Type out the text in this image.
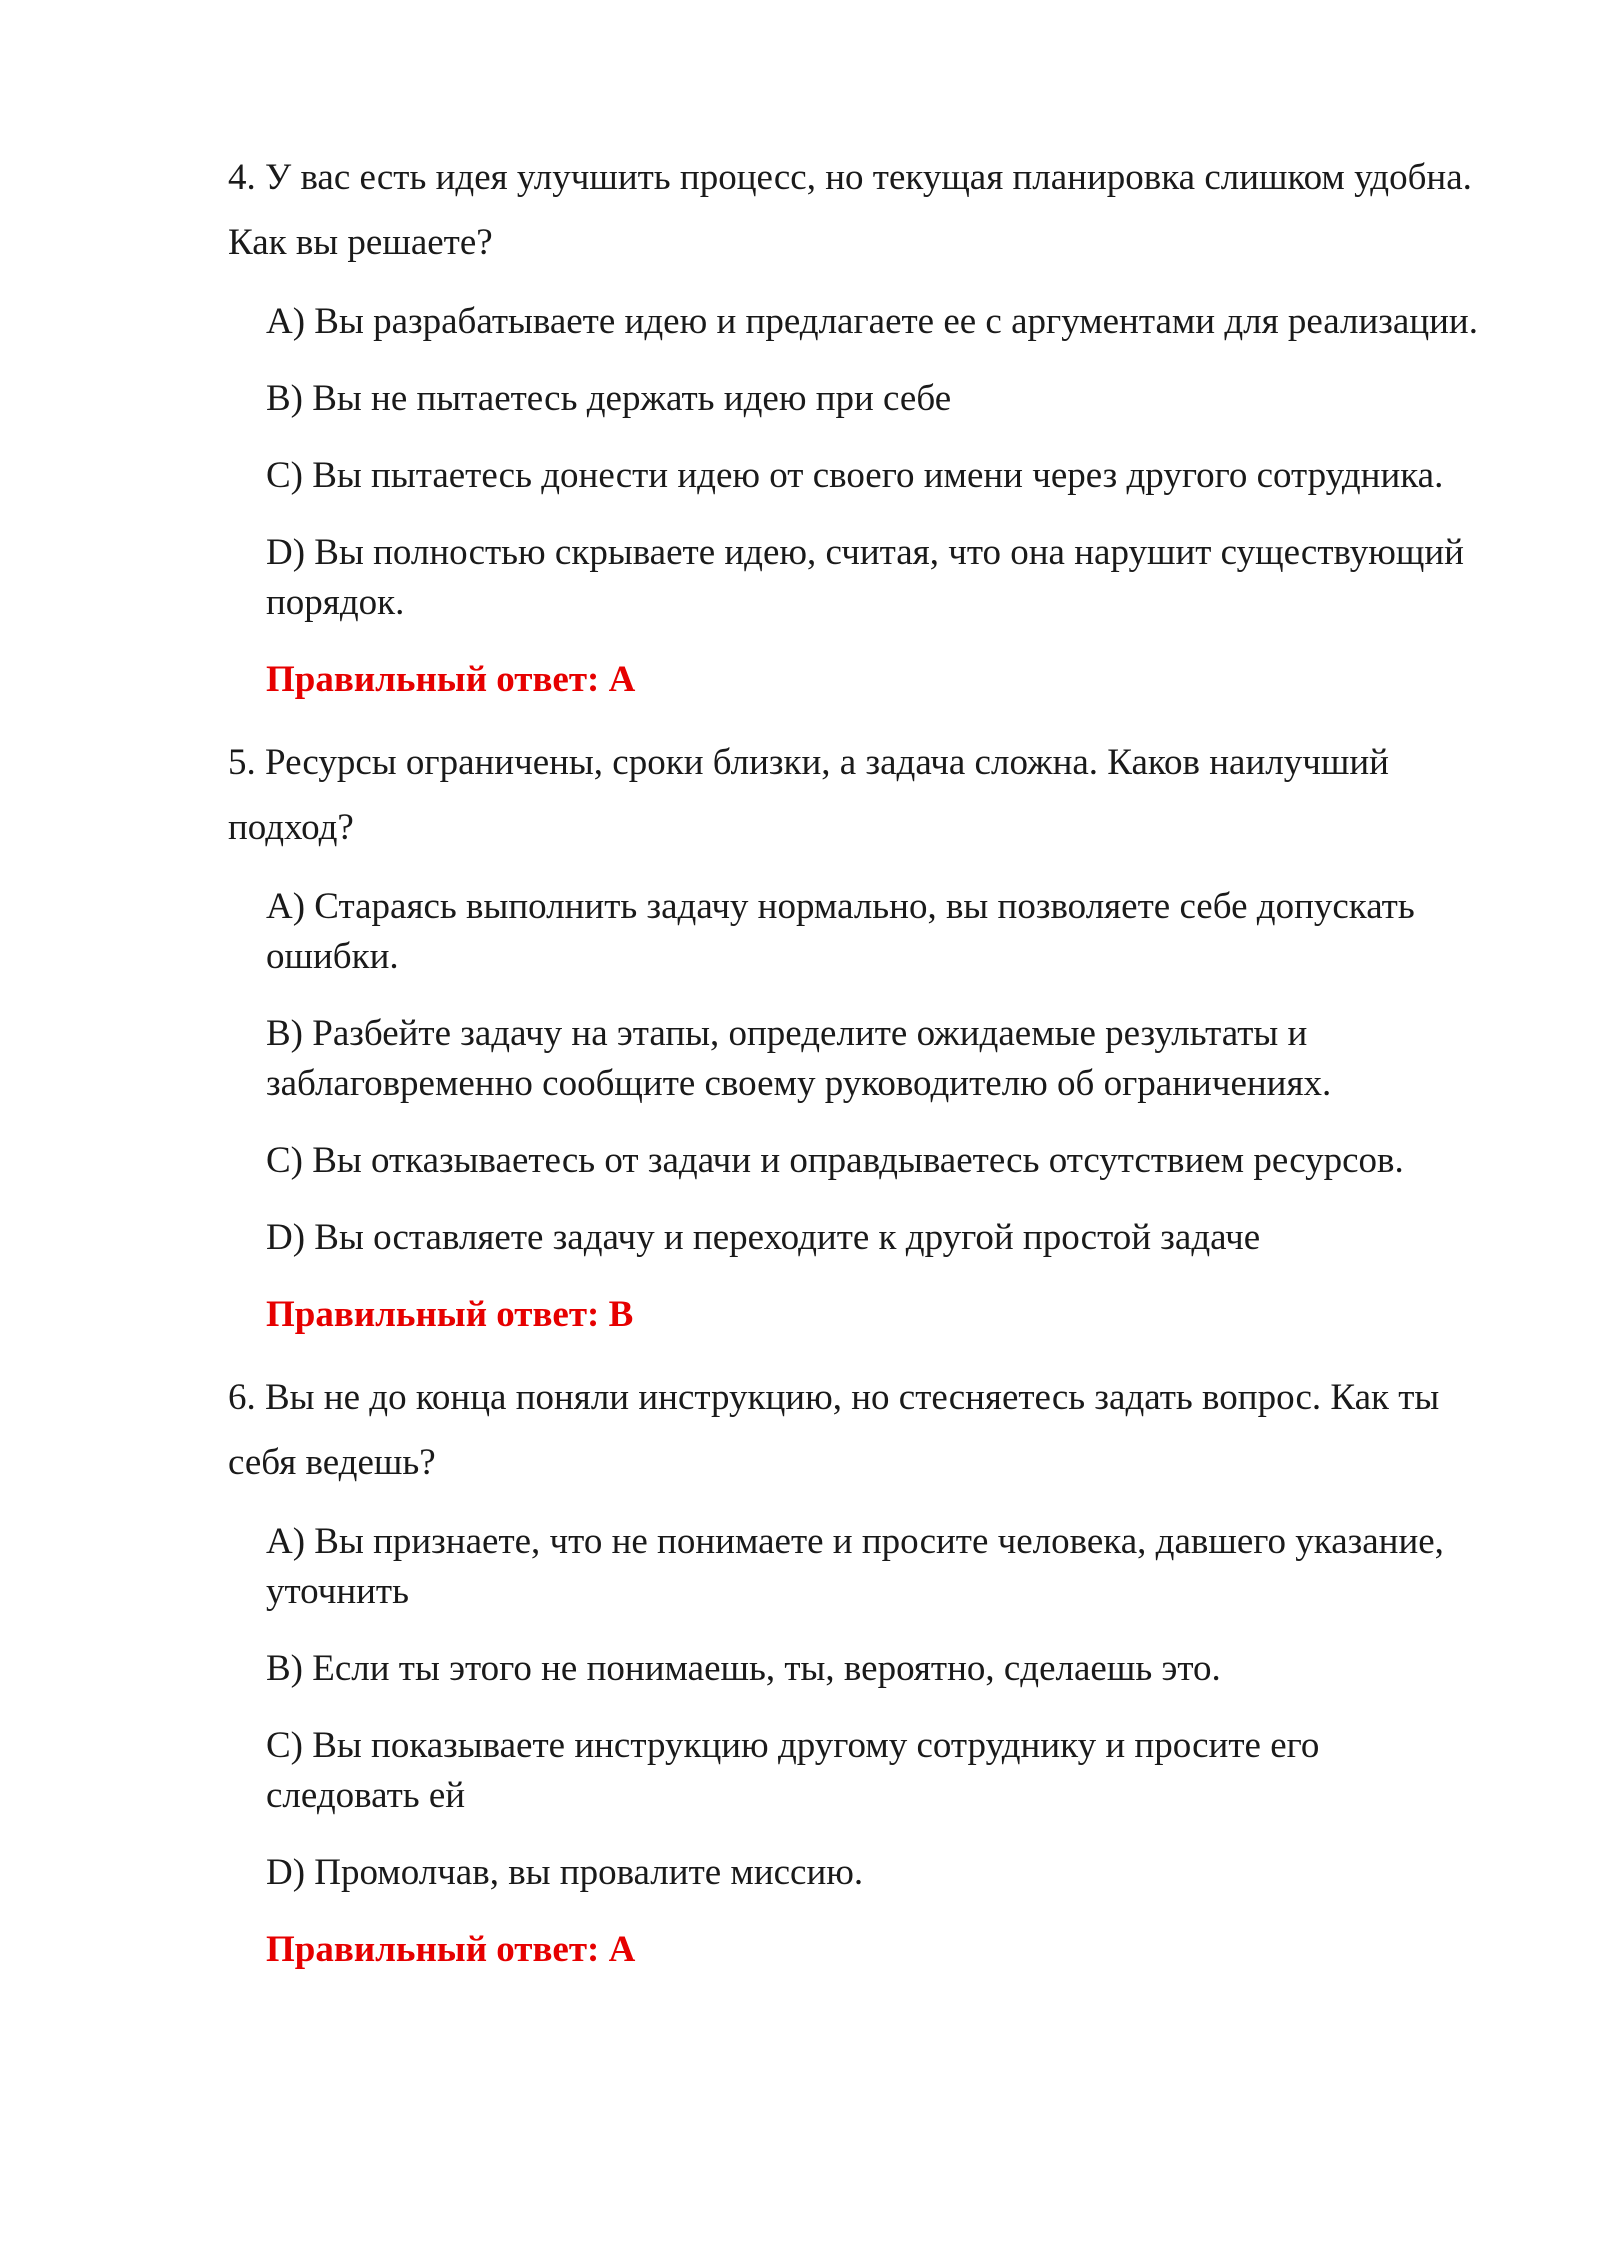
4. У вас есть идея улучшить процесс, но текущая планировка слишком удобна. Как вы решаете?

A) Вы разрабатываете идею и предлагаете ее с аргументами для реализации.

B) Вы не пытаетесь держать идею при себе

C) Вы пытаетесь донести идею от своего имени через другого сотрудника.

D) Вы полностью скрываете идею, считая, что она нарушит существующий порядок.

Правильный ответ: A

5. Ресурсы ограничены, сроки близки, а задача сложна. Каков наилучший подход?

A) Стараясь выполнить задачу нормально, вы позволяете себе допускать ошибки.

B) Разбейте задачу на этапы, определите ожидаемые результаты и заблаговременно сообщите своему руководителю об ограничениях.

C) Вы отказываетесь от задачи и оправдываетесь отсутствием ресурсов.

D) Вы оставляете задачу и переходите к другой простой задаче

Правильный ответ: B

6. Вы не до конца поняли инструкцию, но стесняетесь задать вопрос. Как ты себя ведешь?

A) Вы признаете, что не понимаете и просите человека, давшего указание, уточнить

B) Если ты этого не понимаешь, ты, вероятно, сделаешь это.

C) Вы показываете инструкцию другому сотруднику и просите его следовать ей

D) Промолчав, вы провалите миссию.

Правильный ответ: A
